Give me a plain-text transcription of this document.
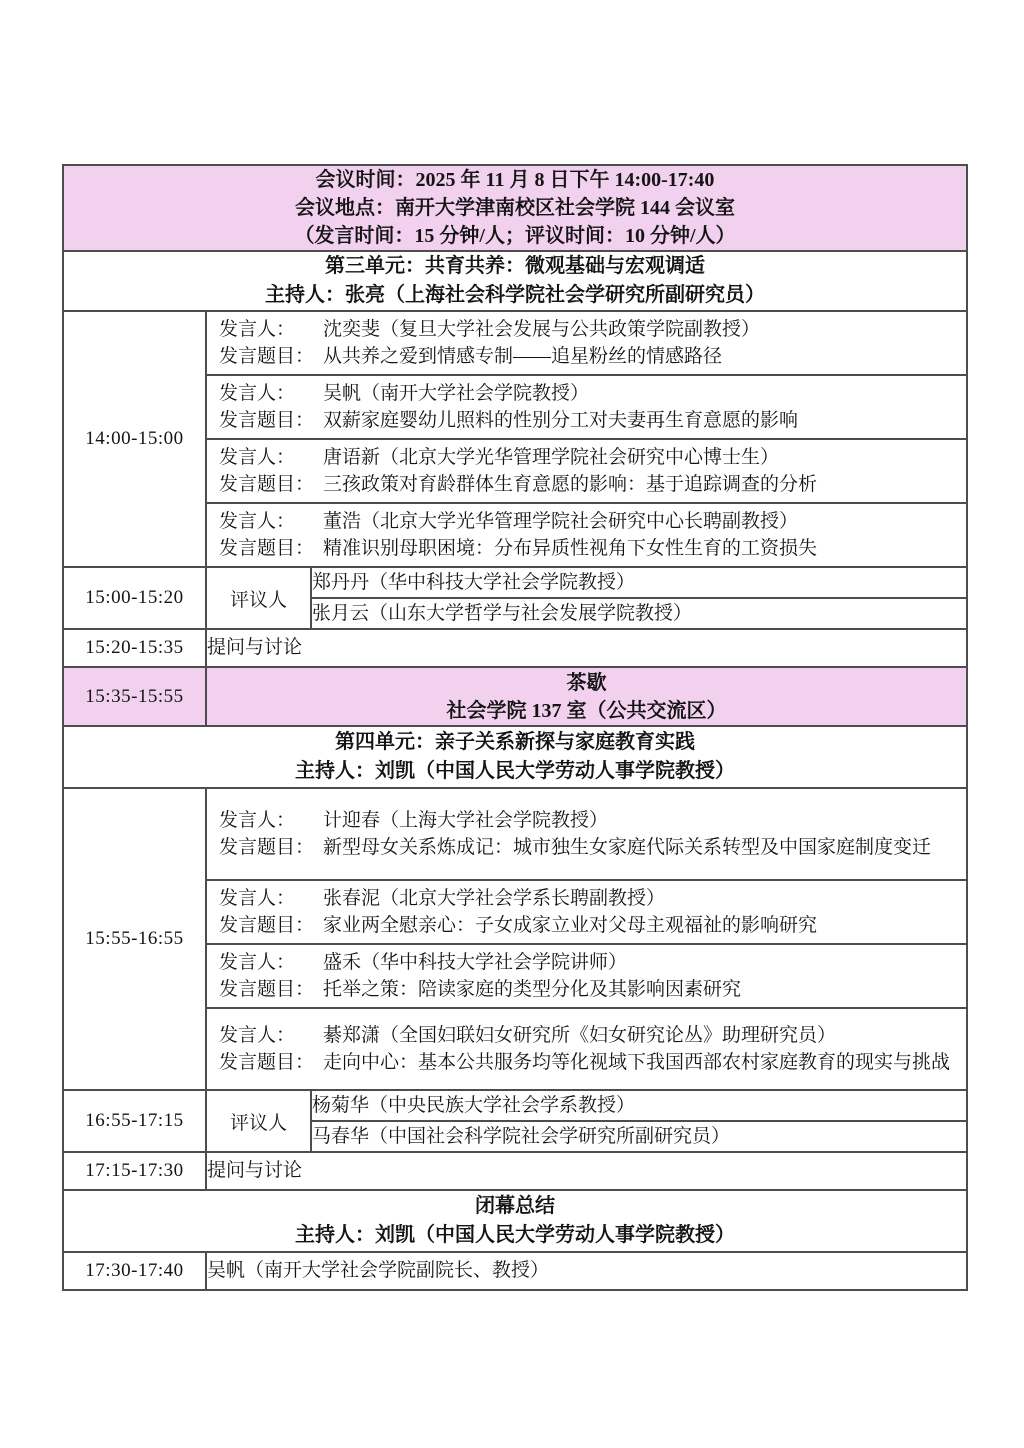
会议时间：2025 年 11 月 8 日下午 14:00-17:40
会议地点：南开大学津南校区社会学院 144 会议室
（发言时间：15 分钟/人；评议时间：10 分钟/人）		

第三单元：共育共养：微观基础与宏观调适
主持人：张亮（上海社会科学院社会学研究所副研究员）		

14:00-15:00	发言人： 沈奕斐（复旦大学社会发展与公共政策学院副教授）
发言题目： 从共养之爱到情感专制——追星粉丝的情感路径	

	发言人： 吴帆（南开大学社会学院教授）
发言题目： 双薪家庭婴幼儿照料的性别分工对夫妻再生育意愿的影响	

	发言人： 唐语新（北京大学光华管理学院社会研究中心博士生）
发言题目： 三孩政策对育龄群体生育意愿的影响：基于追踪调查的分析	

	发言人： 董浩（北京大学光华管理学院社会研究中心长聘副教授）
发言题目： 精准识别母职困境：分布异质性视角下女性生育的工资损失	

15:00-15:20	评议人	郑丹丹（华中科技大学社会学院教授）
		张月云（山东大学哲学与社会发展学院教授）
15:20-15:35	提问与讨论	
15:35-15:55	茶歇
社会学院 137 室（公共交流区）	

第四单元：亲子关系新探与家庭教育实践
主持人：刘凯（中国人民大学劳动人事学院教授）		

15:55-16:55	发言人： 计迎春（上海大学社会学院教授）
发言题目： 新型母女关系炼成记：城市独生女家庭代际关系转型及中国家庭制度变迁	

	发言人： 张春泥（北京大学社会学系长聘副教授）
发言题目： 家业两全慰亲心：子女成家立业对父母主观福祉的影响研究	

	发言人： 盛禾（华中科技大学社会学院讲师）
发言题目： 托举之策：陪读家庭的类型分化及其影响因素研究	

	发言人： 綦郑潇（全国妇联妇女研究所《妇女研究论丛》助理研究员）
发言题目： 走向中心：基本公共服务均等化视域下我国西部农村家庭教育的现实与挑战	

16:55-17:15	评议人	杨菊华（中央民族大学社会学系教授）
		马春华（中国社会科学院社会学研究所副研究员）
17:15-17:30	提问与讨论	

闭幕总结
主持人：刘凯（中国人民大学劳动人事学院教授）		

17:30-17:40	吴帆（南开大学社会学院副院长、教授）	
